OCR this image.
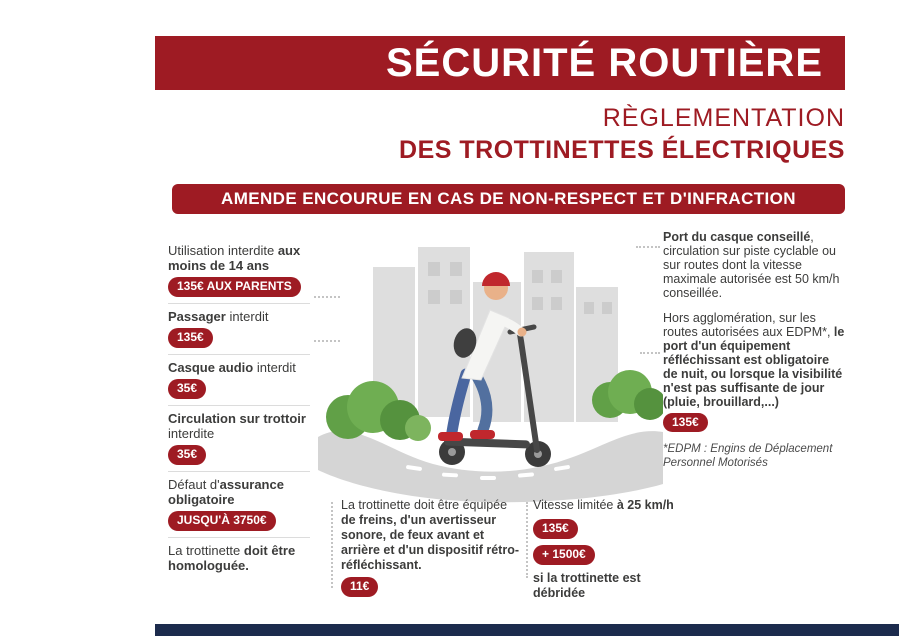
SÉCURITÉ ROUTIÈRE
RÈGLEMENTATION
DES TROTTINETTES ÉLECTRIQUES
AMENDE ENCOURUE EN CAS DE NON-RESPECT ET D'INFRACTION
Utilisation interdite aux moins de 14 ans
135€ AUX PARENTS
Passager interdit
135€
Casque audio interdit
35€
Circulation sur trottoir interdite
35€
Défaut d'assurance obligatoire
JUSQU'À 3750€
La trottinette doit être homologuée.
Port du casque conseillé, circulation sur piste cyclable ou sur routes dont la vitesse maximale autorisée est 50 km/h conseillée.
Hors agglomération, sur les routes autorisées aux EDPM*, le port d'un équipement réfléchissant est obligatoire de nuit, ou lorsque la visibilité n'est pas suffisante de jour (pluie, brouillard,...)
135€
*EDPM : Engins de Déplacement Personnel Motorisés
La trottinette doit être équipée de freins, d'un avertisseur sonore, de feux avant et arrière et d'un dispositif rétro-réfléchissant.
11€
Vitesse limitée à 25 km/h
135€
+ 1500€
si la trottinette est débridée
